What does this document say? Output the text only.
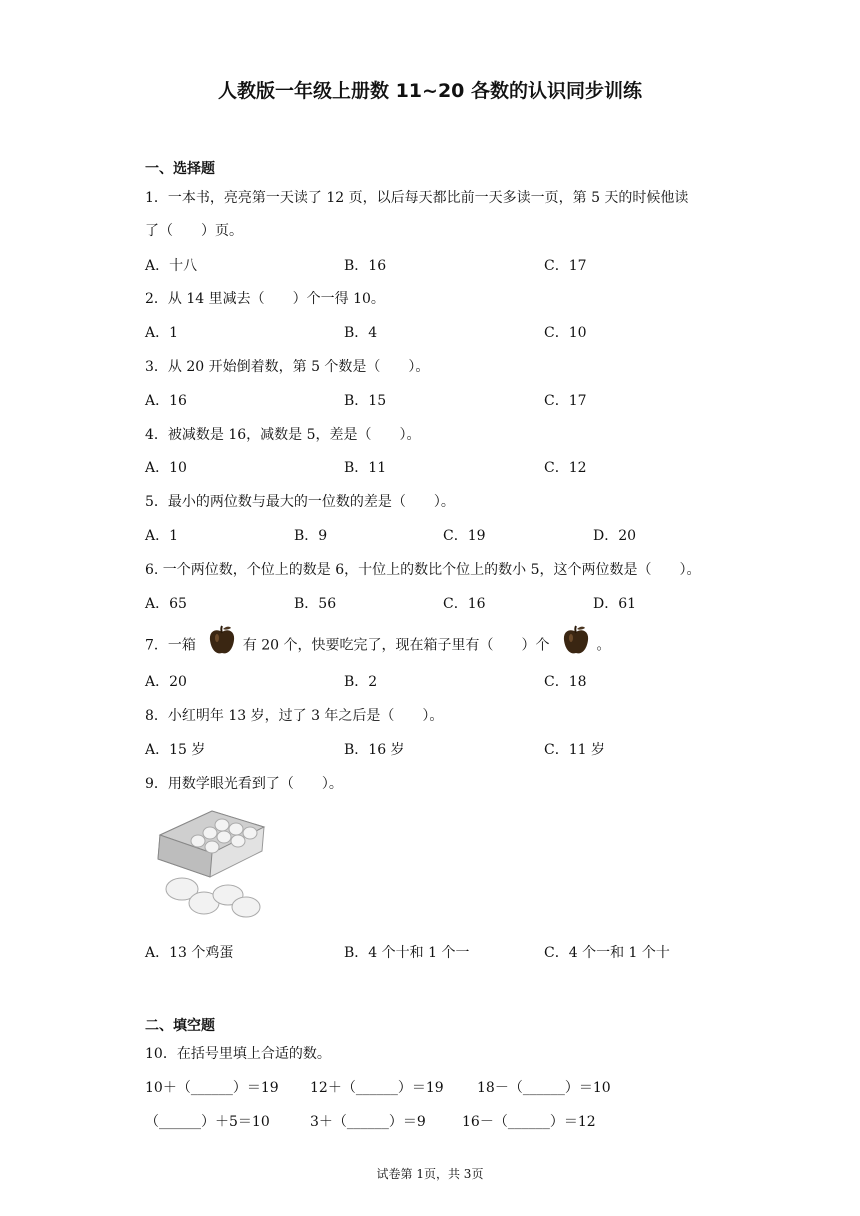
人教版一年级上册数 11~20 各数的认识同步训练
一、选择题
1．一本书，亮亮第一天读了 12 页，以后每天都比前一天多读一页，第 5 天的时候他读
了（　　）页。
A．十八	B．16	C．17
2．从 14 里减去（　　）个一得 10。
A．1	B．4	C．10
3．从 20 开始倒着数，第 5 个数是（　　）。
A．16	B．15	C．17
4．被减数是 16，减数是 5，差是（　　）。
A．10	B．11	C．12
5．最小的两位数与最大的一位数的差是（　　）。
A．1	B．9	C．19	D．20
6. 一个两位数，个位上的数是 6，十位上的数比个位上的数小 5，这个两位数是（　　）。
A．65	B．56	C．16	D．61
7．一箱	有 20 个，快要吃完了，现在箱子里有（　　）个	。
A．20	B．2	C．18
8．小红明年 13 岁，过了 3 年之后是（　　）。
A．15 岁	B．16 岁	C．11 岁
9．用数学眼光看到了（　　）。
A．13 个鸡蛋	B．4 个十和 1 个一	C．4 个一和 1 个十
二、填空题
10．在括号里填上合适的数。
10＋（______）＝19 12＋（______）＝19 18－（______）＝10
（______）＋5＝10	3＋（______）＝9	16－（______）＝12
试卷第 1页，共 3页
